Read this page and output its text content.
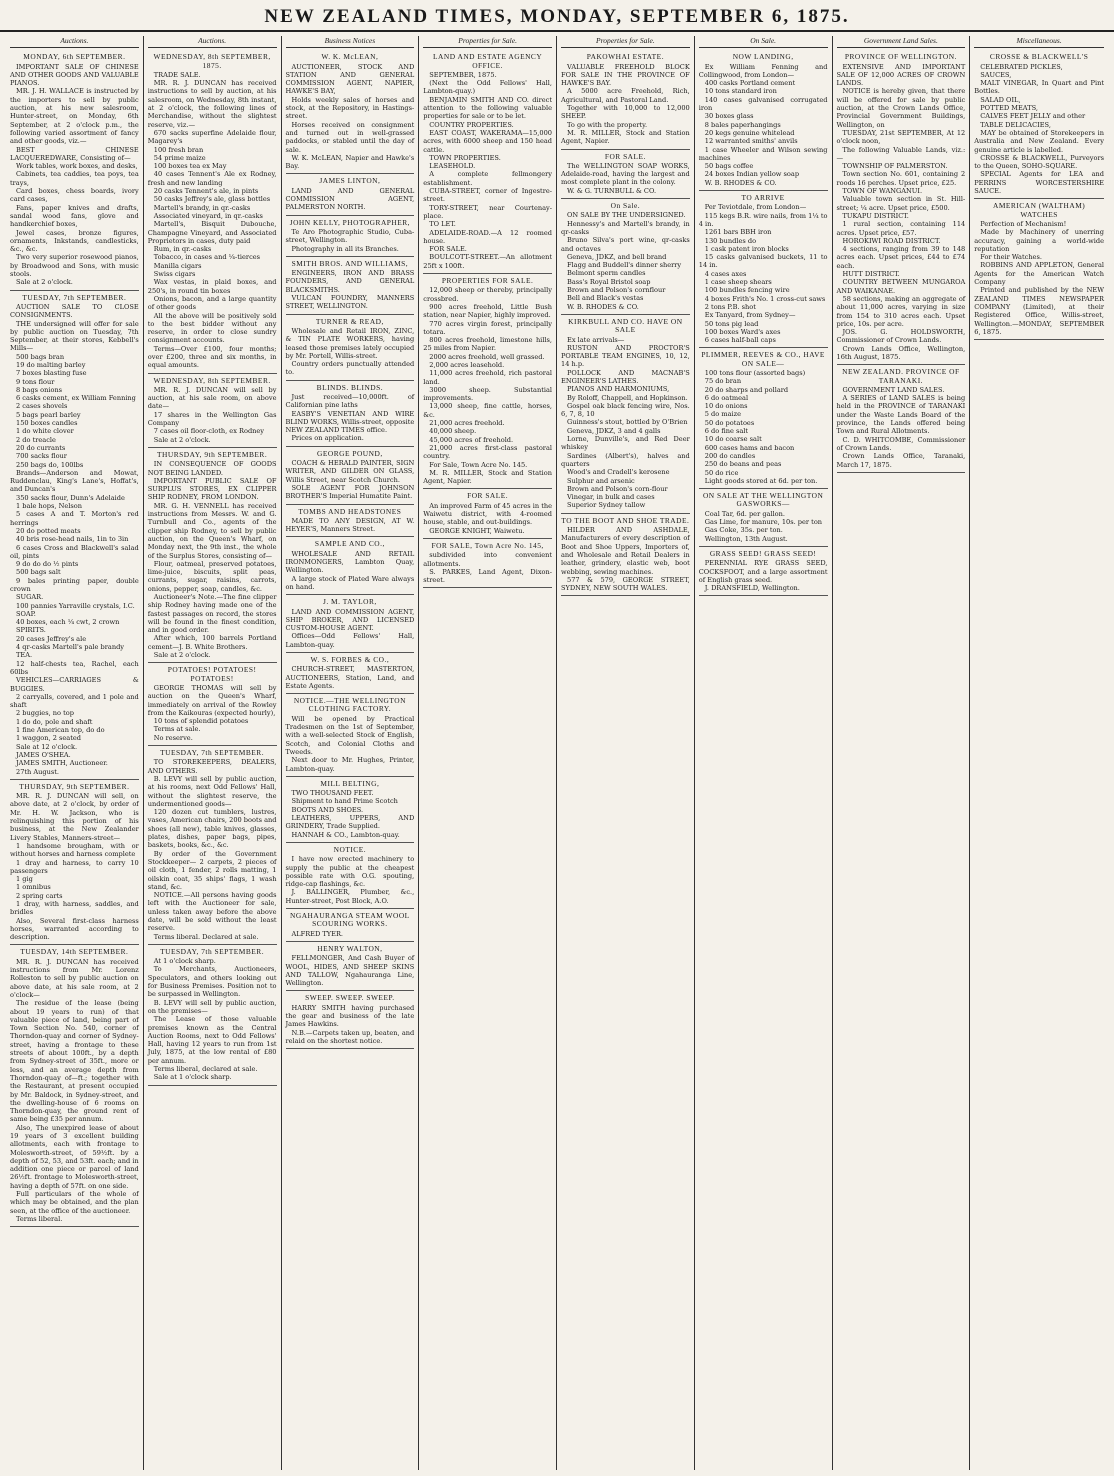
NEW ZEALAND TIMES, MONDAY, SEPTEMBER 6, 1875.
Auctions.
MONDAY, 6th SEPTEMBER.

IMPORTANT SALE OF CHINESE AND OTHER GOODS AND VALUABLE PIANOS.

MR. J. H. WALLACE is instructed by the importers to sell by public auction, at his new salesroom, Hunter-street, on Monday, 6th September, at 2 o'clock p.m., the following varied assortment of fancy and other goods, viz.—

BEST CHINESE LACQUEREDWARE, Consisting of—

Work tables, work boxes, and desks,

Cabinets, tea caddies, tea poys, tea trays,

Card boxes, chess boards, ivory card cases,

Fans, paper knives and drafts, sandal wood fans, glove and handkerchief boxes,

Jewel cases, bronze figures, ornaments, Inkstands, candlesticks, &c., &c.

Two very superior rosewood pianos, by Broadwood and Sons, with music stools.

Sale at 2 o'clock.

TUESDAY, 7th SEPTEMBER.

AUCTION SALE TO CLOSE CONSIGNMENTS.

THE undersigned will offer for sale by public auction on Tuesday, 7th September, at their stores, Kebbell's Mills—

500 bags bran

19 do malting barley

7 boxes blasting fuse

9 tons flour

8 bags onions

6 casks cement, ex William Fenning

2 cases shovels

5 bags pearl barley

150 boxes candles

1 do white clover

2 do treacle

20 do currants

700 sacks flour

250 bags do, 100lbs

Brands—Anderson and Mowat, Ruddenclau, King's Lane's, Hoffat's, and Duncan's

350 sacks flour, Dunn's Adelaide

1 bale hops, Nelson

5 cases A and T. Morton's red herrings

20 do potted meats

40 bris rose-head nails, 1in to 3in

6 cases Cross and Blackwell's salad oil, pints

9 do do do ½ pints

500 bags salt

9 bales printing paper, double crown

SUGAR.

100 pannies Yarraville crystals, I.C.

SOAP.

40 boxes, each ¼ cwt, 2 crown

SPIRITS.

20 cases Jeffrey's ale

4 qr-casks Martell's pale brandy

TEA.

12 half-chests tea, Rachel, each 60lbs

VEHICLES—CARRIAGES & BUGGIES.

2 carryalls, covered, and 1 pole and shaft

2 buggies, no top

1 do do, pole and shaft

1 fine American top, do do

1 waggon, 2 seated

Sale at 12 o'clock.

JAMES O'SHEA.

JAMES SMITH, Auctioneer.

27th August.

THURSDAY, 9th SEPTEMBER.

MR. R. J. DUNCAN will sell, on above date, at 2 o'clock, by order of Mr. H. W. Jackson, who is relinquishing this portion of his business, at the New Zealander Livery Stables, Manners-street—

1 handsome brougham, with or without horses and harness complete

1 dray and harness, to carry 10 passengers

1 gig

1 omnibus

2 spring carts

1 dray, with harness, saddles, and bridles

Also, Several first-class harness horses, warranted according to description.

TUESDAY, 14th SEPTEMBER.

MR. R. J. DUNCAN has received instructions from Mr. Lorenz Rolleston to sell by public auction on above date, at his sale room, at 2 o'clock—

The residue of the lease (being about 19 years to run) of that valuable piece of land, being part of Town Section No. 540, corner of Thorndon-quay and corner of Sydney-street, having a frontage to these streets of about 100ft., by a depth from Sydney-street of 35ft., more or less, and an average depth from Thorndon-quay of—ft.; together with the Restaurant, at present occupied by Mr. Baldock, in Sydney-street, and the dwelling-house of 6 rooms on Thorndon-quay, the ground rent of same being £35 per annum.

Also, The unexpired lease of about 19 years of 3 excellent building allotments, each with frontage to Molesworth-street, of 59½ft. by a depth of 52, 53, and 53ft. each; and in addition one piece or parcel of land 26½ft. frontage to Molesworth-street, having a depth of 57ft. on one side.

Full particulars of the whole of which may be obtained, and the plan seen, at the office of the auctioneer.

Terms liberal.

Auctions.
WEDNESDAY, 8th SEPTEMBER, 1875.

TRADE SALE.

MR. R. J. DUNCAN has received instructions to sell by auction, at his salesroom, on Wednesday, 8th instant, at 2 o'clock, the following lines of Merchandise, without the slightest reserve, viz.—

670 sacks superfine Adelaide flour, Magarey's

100 fresh bran

54 prime maize

100 boxes tea ex May

40 cases Tennent's Ale ex Rodney, fresh and new landing

20 casks Tennent's ale, in pints

50 casks Jeffrey's ale, glass bottles

Martell's brandy, in qr.-casks

Associated vineyard, in qr.-casks

Martell's, Bisquit Dubouche, Champagne Vineyard, and Associated Proprietors in cases, duty paid

Rum, in qr.-casks

Tobacco, in cases and ¼-tierces

Manilla cigars

Swiss cigars

Wax vestas, in plaid boxes, and 250's, in round tin boxes

Onions, bacon, and a large quantity of other goods

All the above will be positively sold to the best bidder without any reserve, in order to close sundry consignment accounts.

Terms—Over £100, four months; over £200, three and six months, in equal amounts.

WEDNESDAY, 8th SEPTEMBER.

MR. R. J. DUNCAN will sell by auction, at his sale room, on above date—

17 shares in the Wellington Gas Company

7 cases oil floor-cloth, ex Rodney

Sale at 2 o'clock.

THURSDAY, 9th SEPTEMBER.

IN CONSEQUENCE OF GOODS NOT BEING LANDED.

IMPORTANT PUBLIC SALE OF SURPLUS STORES, EX CLIPPER SHIP RODNEY, FROM LONDON.

MR. G. H. VENNELL has received instructions from Messrs. W. and G. Turnbull and Co., agents of the clipper ship Rodney, to sell by public auction, on the Queen's Wharf, on Monday next, the 9th inst., the whole of the Surplus Stores, consisting of—

Flour, oatmeal, preserved potatoes, lime-juice, biscuits, split peas, currants, sugar, raisins, carrots, onions, pepper, soap, candles, &c.

Auctioneer's Note.—The fine clipper ship Rodney having made one of the fastest passages on record, the stores will be found in the finest condition, and in good order.

After which, 100 barrels Portland cement—J. B. White Brothers.

Sale at 2 o'clock.

POTATOES! POTATOES! POTATOES!

GEORGE THOMAS will sell by auction on the Queen's Wharf, immediately on arrival of the Rowley from the Kaikouras (expected hourly),

10 tons of splendid potatoes

Terms at sale.

No reserve.

TUESDAY, 7th SEPTEMBER.

TO STOREKEEPERS, DEALERS, AND OTHERS.

B. LEVY will sell by public auction, at his rooms, next Odd Fellows' Hall, without the slightest reserve, the undermentioned goods—

120 dozen cut tumblers, lustres, vases, American chairs, 200 boots and shoes (all new), table knives, glasses, plates, dishes, paper bags, pipes, baskets, books, &c., &c.

By order of the Government Stockkeeper— 2 carpets, 2 pieces of oil cloth, 1 fender, 2 rolls matting, 1 oilskin coat, 35 ships' flags, 1 wash stand, &c.

NOTICE.—All persons having goods left with the Auctioneer for sale, unless taken away before the above date, will be sold without the least reserve.

Terms liberal. Declared at sale.

TUESDAY, 7th SEPTEMBER.

At 1 o'clock sharp.

To Merchants, Auctioneers, Speculators, and others looking out for Business Premises. Position not to be surpassed in Wellington.

B. LEVY will sell by public auction, on the premises—

The Lease of those valuable premises known as the Central Auction Rooms, next to Odd Fellows' Hall, having 12 years to run from 1st July, 1875, at the low rental of £80 per annum.

Terms liberal, declared at sale.

Sale at 1 o'clock sharp.

Business Notices
W. K. McLEAN,

AUCTIONEER, STOCK AND STATION AND GENERAL COMMISSION AGENT, NAPIER, HAWKE'S BAY,

Holds weekly sales of horses and stock, at the Repository, in Hastings-street.

Horses received on consignment and turned out in well-grassed paddocks, or stabled until the day of sale.

W. K. McLEAN, Napier and Hawke's Bay.

JAMES LINTON,

LAND AND GENERAL COMMISSION AGENT, PALMERSTON NORTH.

JOHN KELLY, PHOTOGRAPHER,

Te Aro Photographic Studio, Cuba-street, Wellington.

Photography in all its Branches.

SMITH BROS. AND WILLIAMS,

ENGINEERS, IRON AND BRASS FOUNDERS, AND GENERAL BLACKSMITHS.

VULCAN FOUNDRY, MANNERS STREET, WELLINGTON.

TURNER & READ,

Wholesale and Retail IRON, ZINC, & TIN PLATE WORKERS, having leased those premises lately occupied by Mr. Portell, Willis-street.

Country orders punctually attended to.

BLINDS. BLINDS.

Just received—10,000ft. of Californian pine laths

EASBY'S VENETIAN AND WIRE BLIND WORKS, Willis-street, opposite NEW ZEALAND TIMES office.

Prices on application.

GEORGE POUND,

COACH & HERALD PAINTER, SIGN WRITER, AND GILDER ON GLASS, Willis Street, near Scotch Church.

SOLE AGENT FOR JOHNSON BROTHER'S Imperial Humatite Paint.

TOMBS AND HEADSTONES

MADE TO ANY DESIGN, AT W. HEYER'S, Manners Street.

SAMPLE AND CO.,

WHOLESALE AND RETAIL IRONMONGERS, Lambton Quay, Wellington.

A large stock of Plated Ware always on hand.

J. M. TAYLOR,

LAND AND COMMISSION AGENT, SHIP BROKER, AND LICENSED CUSTOM-HOUSE AGENT.

Offices—Odd Fellows' Hall, Lambton-quay.

W. S. FORBES & CO.,

CHURCH-STREET, MASTERTON, AUCTIONEERS, Station, Land, and Estate Agents.

NOTICE.—THE WELLINGTON CLOTHING FACTORY.

Will be opened by Practical Tradesmen on the 1st of September, with a well-selected Stock of English, Scotch, and Colonial Cloths and Tweeds.

Next door to Mr. Hughes, Printer, Lambton-quay.

MILL BELTING,

TWO THOUSAND FEET.

Shipment to hand Prime Scotch

BOOTS AND SHOES.

LEATHERS, UPPERS, AND GRINDERY, Trade Supplied.

HANNAH & CO., Lambton-quay.

NOTICE.

I have now erected machinery to supply the public at the cheapest possible rate with O.G. spouting, ridge-cap flashings, &c.

J. BALLINGER, Plumber, &c., Hunter-street, Post Block, A.O.

NGAHAURANGA STEAM WOOL SCOURING WORKS.

ALFRED TYER.

HENRY WALTON,

FELLMONGER, And Cash Buyer of WOOL, HIDES, AND SHEEP SKINS AND TALLOW, Ngahauranga Line, Wellington.

SWEEP. SWEEP. SWEEP.

HARRY SMITH having purchased the gear and business of the late James Hawkins.

N.B.—Carpets taken up, beaten, and relaid on the shortest notice.

Properties for Sale.
LAND AND ESTATE AGENCY OFFICE.

SEPTEMBER, 1875.

(Next the Odd Fellows' Hall, Lambton-quay.)

BENJAMIN SMITH AND CO. direct attention to the following valuable properties for sale or to be let.

COUNTRY PROPERTIES.

EAST COAST, WAKERAMA—15,000 acres, with 6000 sheep and 150 head cattle.

TOWN PROPERTIES.

LEASEHOLD.

A complete fellmongery establishment.

CUBA-STREET, corner of Ingestre-street.

TORY-STREET, near Courtenay-place.

TO LET.

ADELAIDE-ROAD.—A 12 roomed house.

FOR SALE.

BOULCOTT-STREET.—An allotment 25ft x 100ft.

PROPERTIES FOR SALE.

12,000 sheep or thereby, principally crossbred.

900 acres freehold, Little Bush station, near Napier, highly improved.

770 acres virgin forest, principally totara.

800 acres freehold, limestone hills, 25 miles from Napier.

2000 acres freehold, well grassed.

2,000 acres leasehold.

11,000 acres freehold, rich pastoral land.

3000 sheep. Substantial improvements.

13,000 sheep, fine cattle, horses, &c.

21,000 acres freehold.

40,000 sheep.

45,000 acres of freehold.

21,000 acres first-class pastoral country.

For Sale, Town Acre No. 145.

M. R. MILLER, Stock and Station Agent, Napier.

FOR SALE.

An improved Farm of 45 acres in the Waiwetu district, with 4-roomed house, stable, and out-buildings.

GEORGE KNIGHT, Waiwetu.

FOR SALE, Town Acre No. 145,

subdivided into convenient allotments.

S. PARKES, Land Agent, Dixon-street.

Properties for Sale.
PAKOWHAI ESTATE.

VALUABLE FREEHOLD BLOCK FOR SALE IN THE PROVINCE OF HAWKE'S BAY.

A 5000 acre Freehold, Rich, Agricultural, and Pastoral Land.

Together with 10,000 to 12,000 SHEEP.

To go with the property.

M. R. MILLER, Stock and Station Agent, Napier.

FOR SALE.

The WELLINGTON SOAP WORKS, Adelaide-road, having the largest and most complete plant in the colony.

W. & G. TURNBULL & CO.

On Sale.

ON SALE BY THE UNDERSIGNED.

Hennessy's and Martell's brandy, in qr-casks

Bruno Silva's port wine, qr-casks and octaves

Geneva, JDKZ, and bell brand

Flagg and Buddell's dinner sherry

Belmont sperm candles

Bass's Royal Bristol soap

Brown and Polson's cornflour

Bell and Black's vestas

W. B. RHODES & CO.

KIRKBULL AND CO. HAVE ON SALE

Ex late arrivals—

RUSTON AND PROCTOR'S PORTABLE TEAM ENGINES, 10, 12, 14 h.p.

POLLOCK AND MACNAB'S ENGINEER'S LATHES.

PIANOS AND HARMONIUMS,

By Roloff, Chappell, and Hopkinson.

Gospel oak black fencing wire, Nos. 6, 7, 8, 10

Guinness's stout, bottled by O'Brien

Geneva, JDKZ, 3 and 4 galls

Lorne, Dunville's, and Red Deer whiskey

Sardines (Albert's), halves and quarters

Wood's and Cradell's kerosene

Sulphur and arsenic

Brown and Polson's corn-flour

Vinegar, in bulk and cases

Superior Sydney tallow

TO THE BOOT AND SHOE TRADE.

HILDER AND ASHDALE, Manufacturers of every description of Boot and Shoe Uppers, Importers of, and Wholesale and Retail Dealers in leather, grindery, elastic web, boot webbing, sewing machines.

577 & 579, GEORGE STREET, SYDNEY, NEW SOUTH WALES.

On Sale.
NOW LANDING,

Ex William Fenning and Collingwood, from London—

400 casks Portland cement

10 tons standard iron

140 cases galvanised corrugated iron

30 boxes glass

8 bales paperhangings

20 kegs genuine whitelead

12 warranted smiths' anvils

1 case Wheeler and Wilson sewing machines

50 bags coffee

24 boxes Indian yellow soap

W. B. RHODES & CO.

TO ARRIVE

Per Teviotdale, from London—

115 kegs B.R. wire nails, from 1¼ to 4 in.

1261 bars BBH iron

130 bundles do

1 cask patent iron blocks

15 casks galvanised buckets, 11 to 14 in.

4 cases axes

1 case sheep shears

100 bundles fencing wire

4 boxes Frith's No. 1 cross-cut saws

2 tons P.B. shot

Ex Tanyard, from Sydney—

50 tons pig lead

100 boxes Ward's axes

6 cases half-ball caps

PLIMMER, REEVES & CO., HAVE ON SALE—

100 tons flour (assorted bags)

75 do bran

20 do sharps and pollard

6 do oatmeal

10 do onions

5 do maize

50 do potatoes

6 do fine salt

10 do coarse salt

600 cases hams and bacon

200 do candles

250 do beans and peas

50 do rice

Light goods stored at 6d. per ton.

ON SALE AT THE WELLINGTON GASWORKS—

Coal Tar, 6d. per gallon.

Gas Lime, for manure, 10s. per ton

Gas Coke, 35s. per ton.

Wellington, 13th August.

GRASS SEED! GRASS SEED!

PERENNIAL RYE GRASS SEED, COCKSFOOT, and a large assortment of English grass seed.

J. DRANSFIELD, Wellington.

Government Land Sales.
PROVINCE OF WELLINGTON.

EXTENSIVE AND IMPORTANT SALE OF 12,000 ACRES OF CROWN LANDS.

NOTICE is hereby given, that there will be offered for sale by public auction, at the Crown Lands Office, Provincial Government Buildings, Wellington, on

TUESDAY, 21st SEPTEMBER, At 12 o'clock noon,

The following Valuable Lands, viz.:—

TOWNSHIP OF PALMERSTON.

Town section No. 601, containing 2 roods 16 perches. Upset price, £25.

TOWN OF WANGANUI.

Valuable town section in St. Hill-street; ¼ acre. Upset price, £500.

TUKAPU DISTRICT.

1 rural section, containing 114 acres. Upset price, £57.

HOROKIWI ROAD DISTRICT.

4 sections, ranging from 39 to 148 acres each. Upset prices, £44 to £74 each.

HUTT DISTRICT.

COUNTRY BETWEEN MUNGAROA AND WAIKANAE.

58 sections, making an aggregate of about 11,000 acres, varying in size from 154 to 310 acres each. Upset price, 10s. per acre.

JOS. G. HOLDSWORTH, Commissioner of Crown Lands.

Crown Lands Office, Wellington, 16th August, 1875.

NEW ZEALAND. PROVINCE OF TARANAKI.

GOVERNMENT LAND SALES.

A SERIES of LAND SALES is being held in the PROVINCE of TARANAKI under the Waste Lands Board of the province, the Lands offered being Town and Rural Allotments.

C. D. WHITCOMBE, Commissioner of Crown Lands.

Crown Lands Office, Taranaki, March 17, 1875.

Miscellaneous.
CROSSE & BLACKWELL'S

CELEBRATED PICKLES,

SAUCES,

MALT VINEGAR, In Quart and Pint Bottles.

SALAD OIL,

POTTED MEATS,

CALVES FEET JELLY and other

TABLE DELICACIES,

MAY be obtained of Storekeepers in Australia and New Zealand. Every genuine article is labelled.

CROSSE & BLACKWELL, Purveyors to the Queen, SOHO-SQUARE.

SPECIAL Agents for LEA and PERRINS WORCESTERSHIRE SAUCE.

AMERICAN (WALTHAM) WATCHES

Perfection of Mechanism!

Made by Machinery of unerring accuracy, gaining a world-wide reputation

For their Watches.

ROBBINS AND APPLETON, General Agents for the American Watch Company

Printed and published by the NEW ZEALAND TIMES NEWSPAPER COMPANY (Limited), at their Registered Office, Willis-street, Wellington.—MONDAY, SEPTEMBER 6, 1875.
